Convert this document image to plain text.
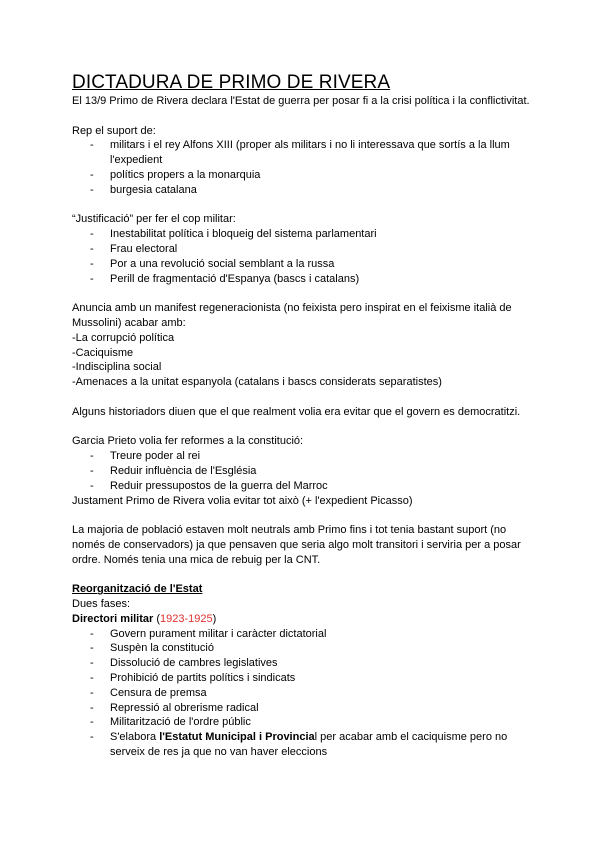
DICTADURA DE PRIMO DE RIVERA

El 13/9 Primo de Rivera declara l'Estat de guerra per posar fi a la crisi política i la conflictivitat.

Rep el suport de:

- militars i el rey Alfons XIII (proper als militars i no li interessava que sortís a la llum l'expedient
- polítics propers a la monarquia
- burgesia catalana

“Justificació” per fer el cop militar:

- Inestabilitat política i bloqueig del sistema parlamentari
- Frau electoral
- Por a una revolució social semblant a la russa
- Perill de fragmentació d'Espanya (bascs i catalans)

Anuncia amb un manifest regeneracionista (no feixista pero inspirat en el feixisme italià de Mussolini) acabar amb:

-La corrupció política
-Caciquisme
-Indisciplina social
-Amenaces a la unitat espanyola (catalans i bascs considerats separatistes)

Alguns historiadors diuen que el que realment volia era evitar que el govern es democratitzi.

Garcia Prieto volia fer reformes a la constitució:

- Treure poder al rei
- Reduir influència de l'Església
- Reduir pressupostos de la guerra del Marroc

Justament Primo de Rivera volia evitar tot això (+ l'expedient Picasso)

La majoria de població estaven molt neutrals amb Primo fins i tot tenia bastant suport (no només de conservadors) ja que pensaven que seria algo molt transitori i serviria per a posar ordre. Només tenia una mica de rebuig per la CNT.

Reorganització de l'Estat

Dues fases:

Directori militar (1923-1925)

- Govern purament militar i caràcter dictatorial
- Suspèn la constitució
- Dissolució de cambres legislatives
- Prohibició de partits polítics i sindicats
- Censura de premsa
- Repressió al obrerisme radical
- Militarització de l'ordre públic
- S'elabora l'Estatut Municipal i Provincial per acabar amb el caciquisme pero no serveix de res ja que no van haver eleccions
